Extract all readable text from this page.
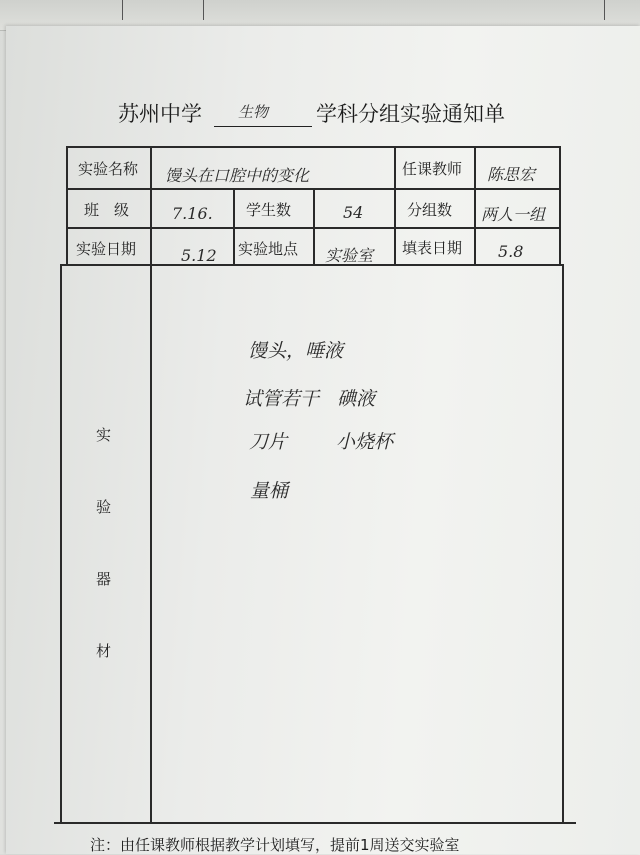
苏州中学 生物 学科分组实验通知单
实验名称 馒头在口腔中的变化	任课教师 陈思宏
班　级	7.16. 学生数	54	分组数 两人一组
实验日期	5.12 实验地点 实验室 填表日期 5.8
实
验
器
材
馒头，唾液
试管若干 碘液
刀片	小烧杯
量桶
注：由任课教师根据教学计划填写，提前1周送交实验室
